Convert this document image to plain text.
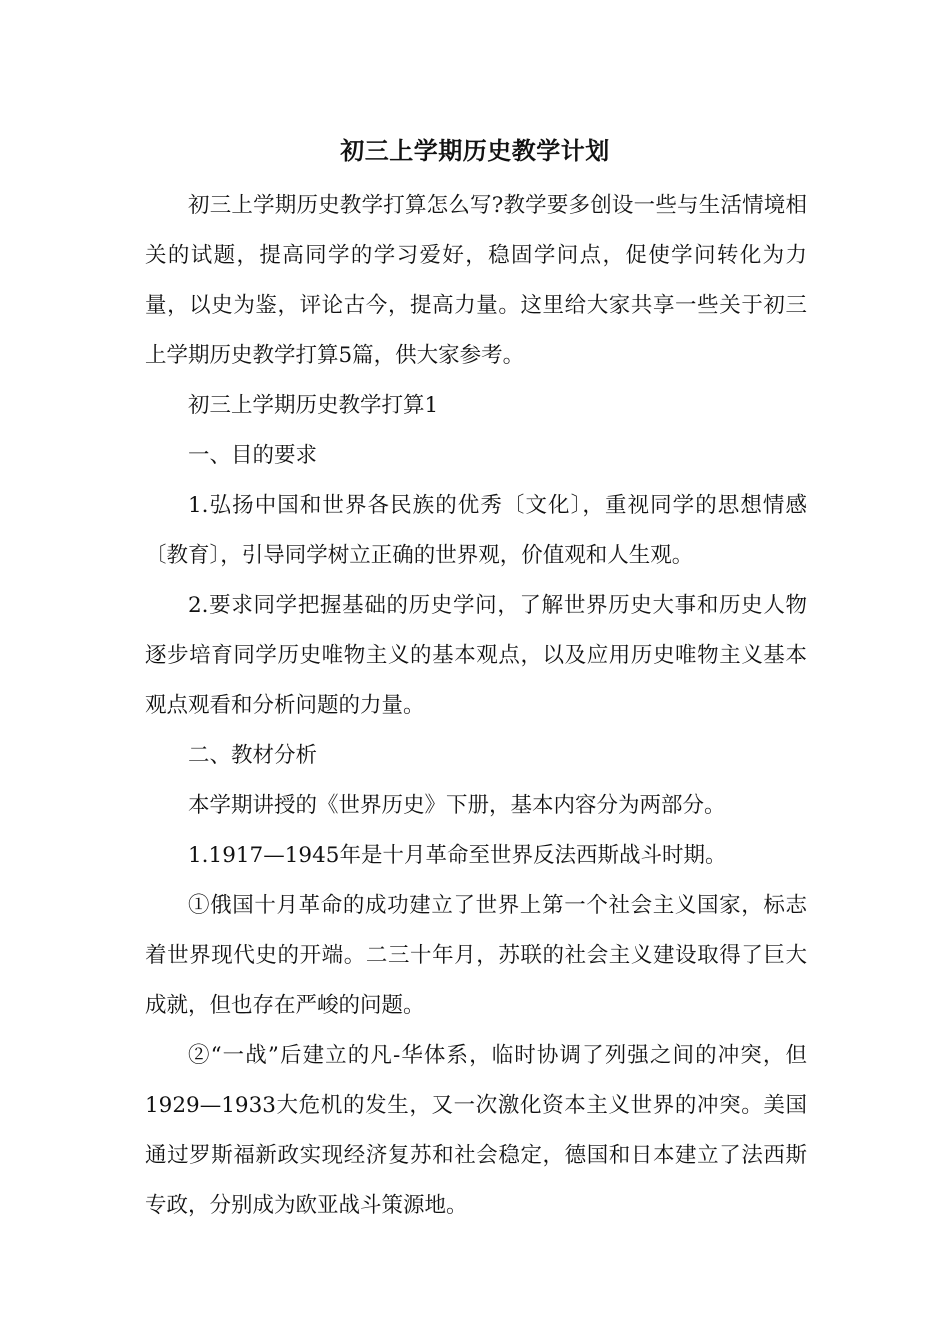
初三上学期历史教学计划

初三上学期历史教学打算怎么写?教学要多创设一些与生活情境相关的试题，提高同学的学习爱好，稳固学问点，促使学问转化为力量，以史为鉴，评论古今，提高力量。这里给大家共享一些关于初三上学期历史教学打算5篇，供大家参考。

初三上学期历史教学打算1

一、目的要求

1.弘扬中国和世界各民族的优秀〔文化〕，重视同学的思想情感〔教育〕，引导同学树立正确的世界观，价值观和人生观。

2.要求同学把握基础的历史学问，了解世界历史大事和历史人物逐步培育同学历史唯物主义的基本观点，以及应用历史唯物主义基本观点观看和分析问题的力量。

二、教材分析

本学期讲授的《世界历史》下册，基本内容分为两部分。

1.1917—1945年是十月革命至世界反法西斯战斗时期。

①俄国十月革命的成功建立了世界上第一个社会主义国家，标志着世界现代史的开端。二三十年月，苏联的社会主义建设取得了巨大成就，但也存在严峻的问题。

②“一战”后建立的凡-华体系，临时协调了列强之间的冲突，但1929—1933大危机的发生，又一次激化资本主义世界的冲突。美国通过罗斯福新政实现经济复苏和社会稳定，德国和日本建立了法西斯专政，分别成为欧亚战斗策源地。
